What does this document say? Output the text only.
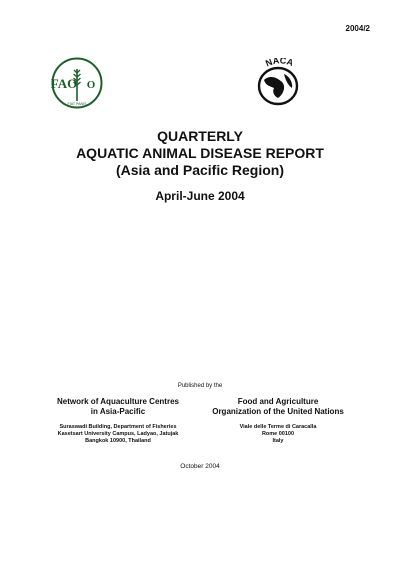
2004/2
FAO O
FIAT PANIS
NACA
QUARTERLY
AQUATIC ANIMAL DISEASE REPORT
(Asia and Pacific Region)
April-June 2004
Published by the
Network of Aquaculture Centres
in Asia-Pacific
Suraswadi Building, Department of Fisheries
Kasetsart University Campus, Ladyao, Jatujak
Bangkok 10900, Thailand
Food and Agriculture
Organization of the United Nations
Viale delle Terme di Caracalla
Rome 00100
Italy
October 2004
